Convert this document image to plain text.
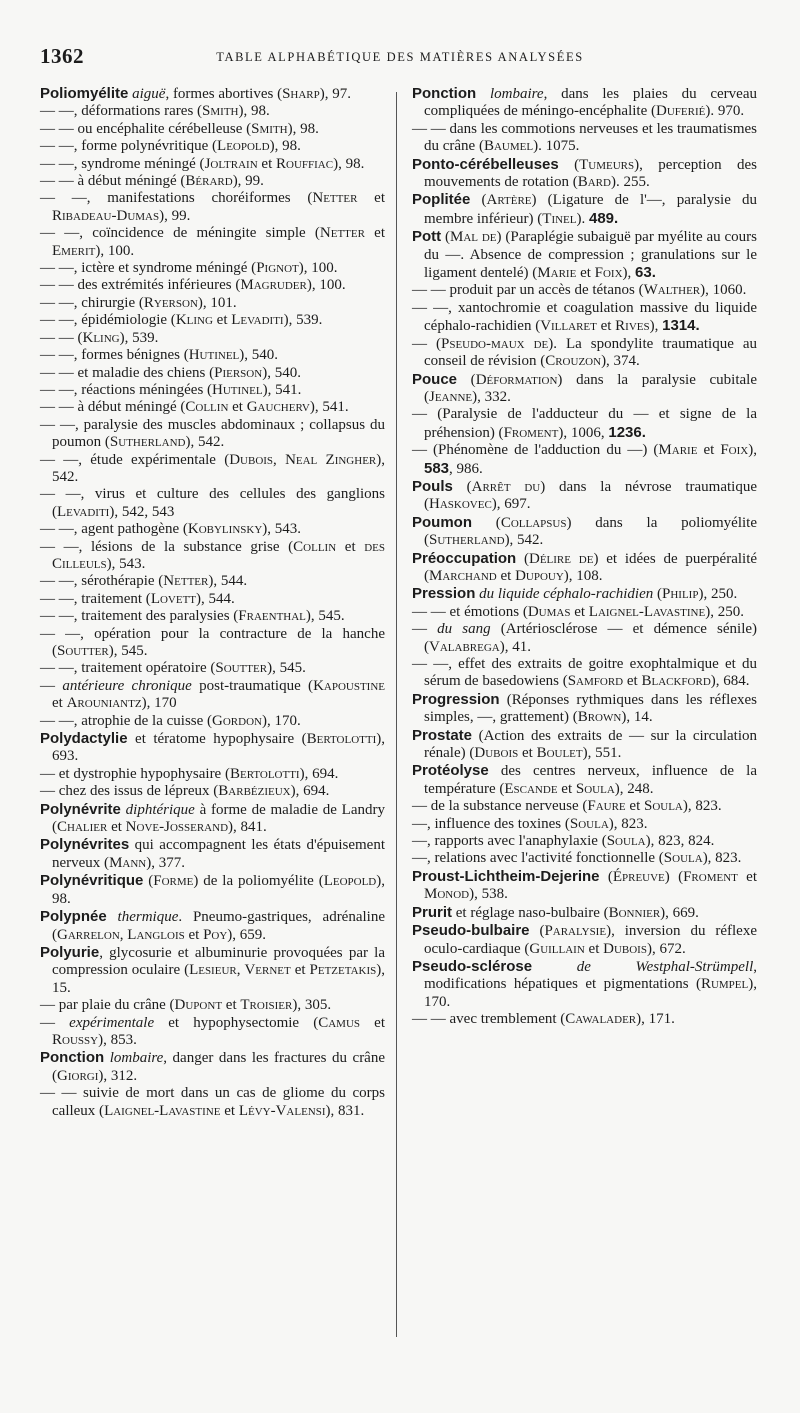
1362	TABLE ALPHABÉTIQUE DES MATIÈRES ANALYSÉES

Poliomyélite aiguë, formes abortives (Sharp), 97.

— —, déformations rares (Smith), 98.

— — ou encéphalite cérébelleuse (Smith), 98.

— —, forme polynévritique (Leopold), 98.

— —, syndrome méningé (Joltrain et Rouffiac), 98.

— — à début méningé (Bérard), 99.

— —, manifestations choréiformes (Netter et Ribadeau-Dumas), 99.

— —, coïncidence de méningite simple (Netter et Emerit), 100.

— —, ictère et syndrome méningé (Pignot), 100.

— — des extrémités inférieures (Magruder), 100.

— —, chirurgie (Ryerson), 101.

— —, épidémiologie (Kling et Levaditi), 539.

— — (Kling), 539.

— —, formes bénignes (Hutinel), 540.

— — et maladie des chiens (Pierson), 540.

— —, réactions méningées (Hutinel), 541.

— — à début méningé (Collin et Gaucherv), 541.

— —, paralysie des muscles abdominaux ; collapsus du poumon (Sutherland), 542.

— —, étude expérimentale (Dubois, Neal Zingher), 542.

— —, virus et culture des cellules des ganglions (Levaditi), 542, 543

— —, agent pathogène (Kobylinsky), 543.

— —, lésions de la substance grise (Collin et des Cilleuls), 543.

— —, sérothérapie (Netter), 544.

— —, traitement (Lovett), 544.

— —, traitement des paralysies (Fraenthal), 545.

— —, opération pour la contracture de la hanche (Soutter), 545.

— —, traitement opératoire (Soutter), 545.

— antérieure chronique post-traumatique (Kapoustine et Arouniantz), 170

— —, atrophie de la cuisse (Gordon), 170.

Polydactylie et tératome hypophysaire (Bertolotti), 693.

— et dystrophie hypophysaire (Bertolotti), 694.

— chez des issus de lépreux (Barbézieux), 694.

Polynévrite diphtérique à forme de maladie de Landry (Chalier et Nove-Josserand), 841.

Polynévrites qui accompagnent les états d'épuisement nerveux (Mann), 377.

Polynévritique (Forme) de la poliomyélite (Leopold), 98.

Polypnée thermique. Pneumo-gastriques, adrénaline (Garrelon, Langlois et Poy), 659.

Polyurie, glycosurie et albuminurie provoquées par la compression oculaire (Lesieur, Vernet et Petzetakis), 15.

— par plaie du crâne (Dupont et Troisier), 305.

— expérimentale et hypophysectomie (Camus et Roussy), 853.

Ponction lombaire, danger dans les fractures du crâne (Giorgi), 312.

— — suivie de mort dans un cas de gliome du corps calleux (Laignel-Lavastine et Lévy-Valensi), 831.

Ponction lombaire, dans les plaies du cerveau compliquées de méningo-encéphalite (Duferié). 970.

— — dans les commotions nerveuses et les traumatismes du crâne (Baumel). 1075.

Ponto-cérébelleuses (Tumeurs), perception des mouvements de rotation (Bard). 255.

Poplitée (Artère) (Ligature de l'—, paralysie du membre inférieur) (Tinel). 489.

Pott (Mal de) (Paraplégie subaiguë par myélite au cours du —. Absence de compression ; granulations sur le ligament dentelé) (Marie et Foix), 63.

— — produit par un accès de tétanos (Walther), 1060.

— —, xantochromie et coagulation massive du liquide céphalo-rachidien (Villaret et Rives), 1314.

— (Pseudo-maux de). La spondylite traumatique au conseil de révision (Crouzon), 374.

Pouce (Déformation) dans la paralysie cubitale (Jeanne), 332.

— (Paralysie de l'adducteur du — et signe de la préhension) (Froment), 1006, 1236.

— (Phénomène de l'adduction du —) (Marie et Foix), 583, 986.

Pouls (Arrêt du) dans la névrose traumatique (Haskovec), 697.

Poumon (Collapsus) dans la poliomyélite (Sutherland), 542.

Préoccupation (Délire de) et idées de puerpéralité (Marchand et Dupouy), 108.

Pression du liquide céphalo-rachidien (Philip), 250.

— — et émotions (Dumas et Laignel-Lavastine), 250.

— du sang (Artériosclérose — et démence sénile) (Valabrega), 41.

— —, effet des extraits de goitre exophtalmique et du sérum de basedowiens (Samford et Blackford), 684.

Progression (Réponses rythmiques dans les réflexes simples, —, grattement) (Brown), 14.

Prostate (Action des extraits de — sur la circulation rénale) (Dubois et Boulet), 551.

Protéolyse des centres nerveux, influence de la température (Escande et Soula), 248.

— de la substance nerveuse (Faure et Soula), 823.

—, influence des toxines (Soula), 823.

—, rapports avec l'anaphylaxie (Soula), 823, 824.

—, relations avec l'activité fonctionnelle (Soula), 823.

Proust-Lichtheim-Dejerine (Épreuve) (Froment et Monod), 538.

Prurit et réglage naso-bulbaire (Bonnier), 669.

Pseudo-bulbaire (Paralysie), inversion du réflexe oculo-cardiaque (Guillain et Dubois), 672.

Pseudo-sclérose	de Westphal-Strümpell, modifications hépatiques et pigmentations (Rumpel), 170.

— — avec tremblement (Cawalader), 171.
